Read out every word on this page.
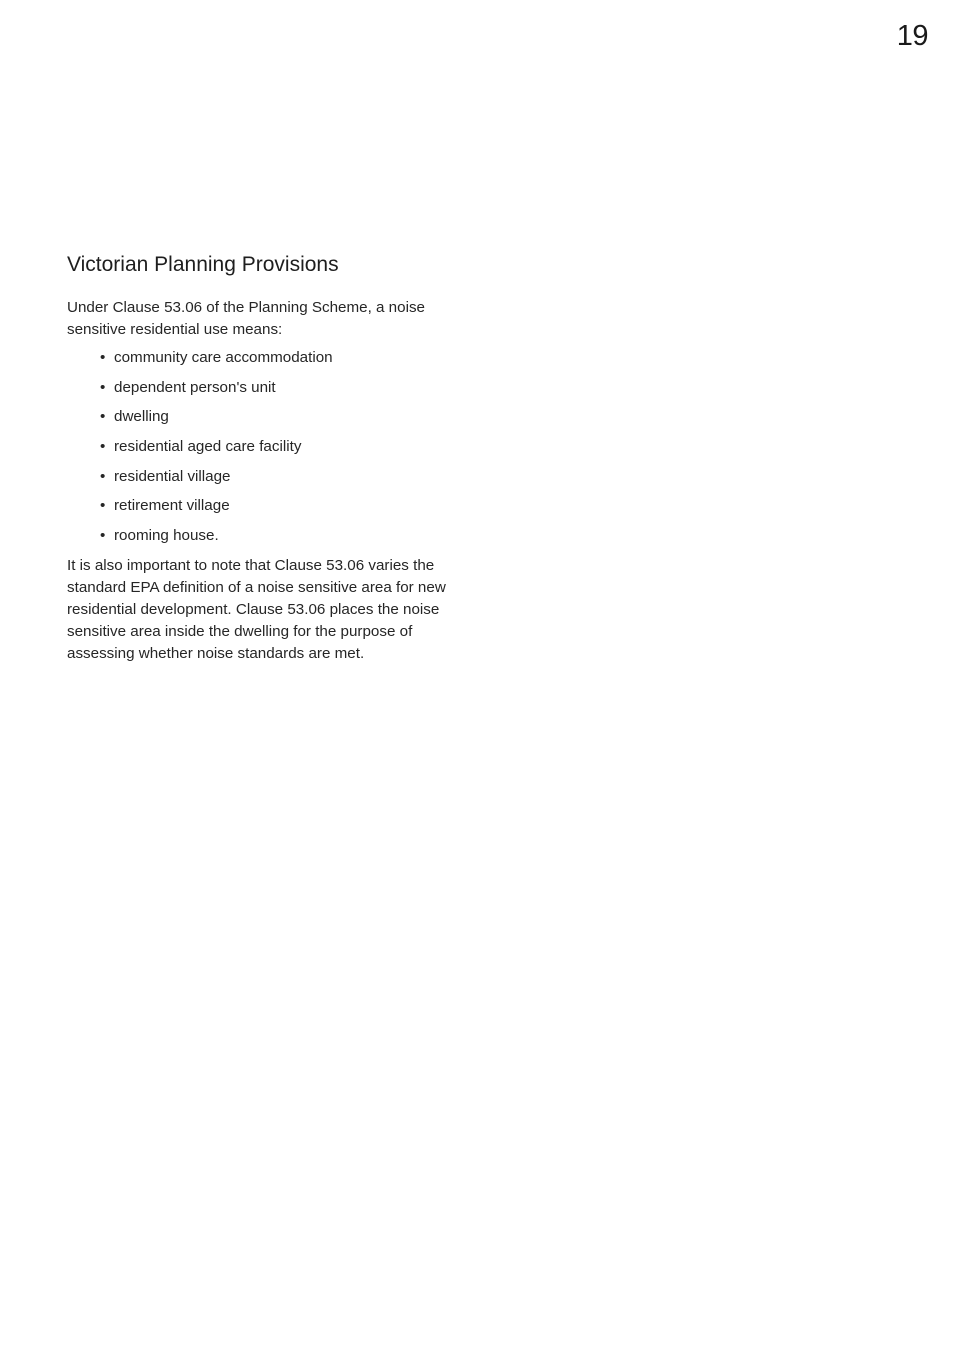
19
Victorian Planning Provisions

Under Clause 53.06 of the Planning Scheme, a noise sensitive residential use means:

• community care accommodation
• dependent person's unit
• dwelling
• residential aged care facility
• residential village
• retirement village
• rooming house.

It is also important to note that Clause 53.06 varies the standard EPA definition of a noise sensitive area for new residential development. Clause 53.06 places the noise sensitive area inside the dwelling for the purpose of assessing whether noise standards are met.
